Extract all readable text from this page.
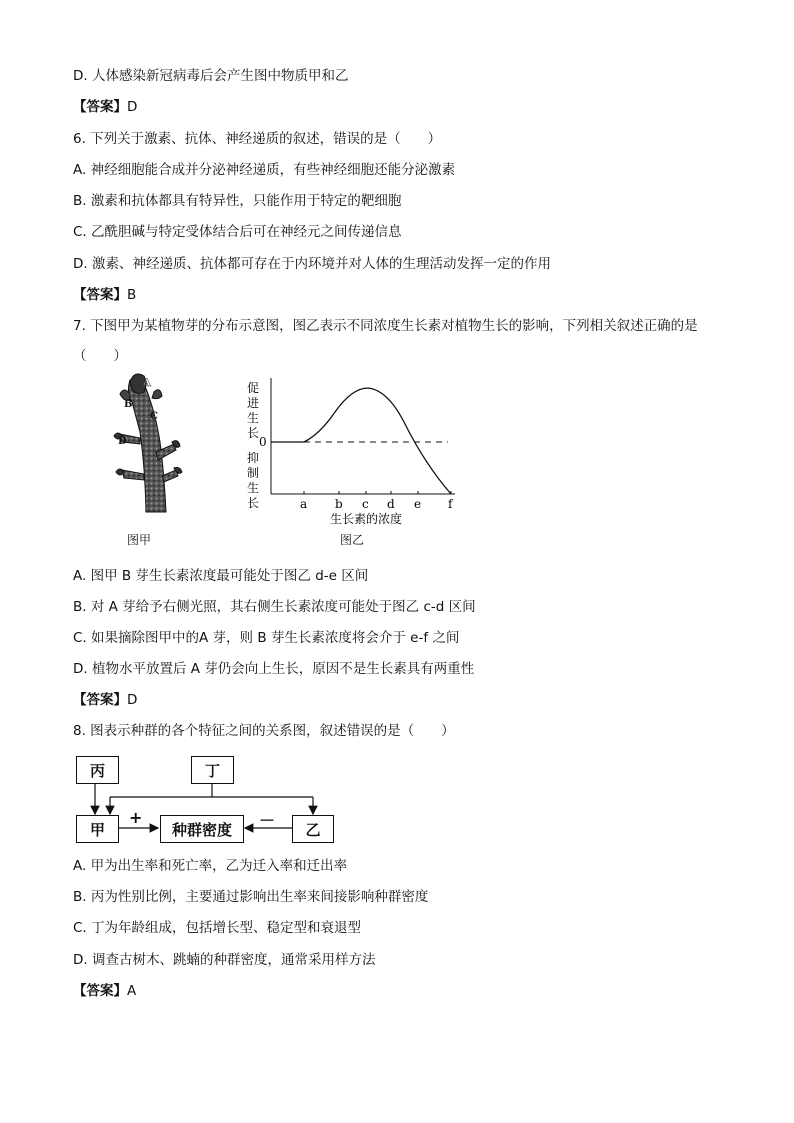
D. 人体感染新冠病毒后会产生图中物质甲和乙
【答案】D
6. 下列关于激素、抗体、神经递质的叙述，错误的是（　　）
A. 神经细胞能合成并分泌神经递质，有些神经细胞还能分泌激素
B. 激素和抗体都具有特异性，只能作用于特定的靶细胞
C. 乙酰胆碱与特定受体结合后可在神经元之间传递信息
D. 激素、神经递质、抗体都可存在于内环境并对人体的生理活动发挥一定的作用
【答案】B
7. 下图甲为某植物芽的分布示意图，图乙表示不同浓度生长素对植物生长的影响，下列相关叙述正确的是
（　　）
A
B
C
D
图甲
促
进
生
长
0
抑
制
生
长	a b c d e f
生长素的浓度
图乙
A. 图甲 B 芽生长素浓度最可能处于图乙 d-e 区间
B. 对 A 芽给予右侧光照，其右侧生长素浓度可能处于图乙 c-d 区间
C. 如果摘除图甲中的A 芽，则 B 芽生长素浓度将会介于 e-f 之间
D. 植物水平放置后 A 芽仍会向上生长，原因不是生长素具有两重性
【答案】D
8. 图表示种群的各个特征之间的关系图，叙述错误的是（　　）
丙	丁
甲	种群密度	乙
+	－
A. 甲为出生率和死亡率，乙为迁入率和迁出率
B. 丙为性别比例，主要通过影响出生率来间接影响种群密度
C. 丁为年龄组成，包括增长型、稳定型和衰退型
D. 调查古树木、跳蝻的种群密度，通常采用样方法
【答案】A
